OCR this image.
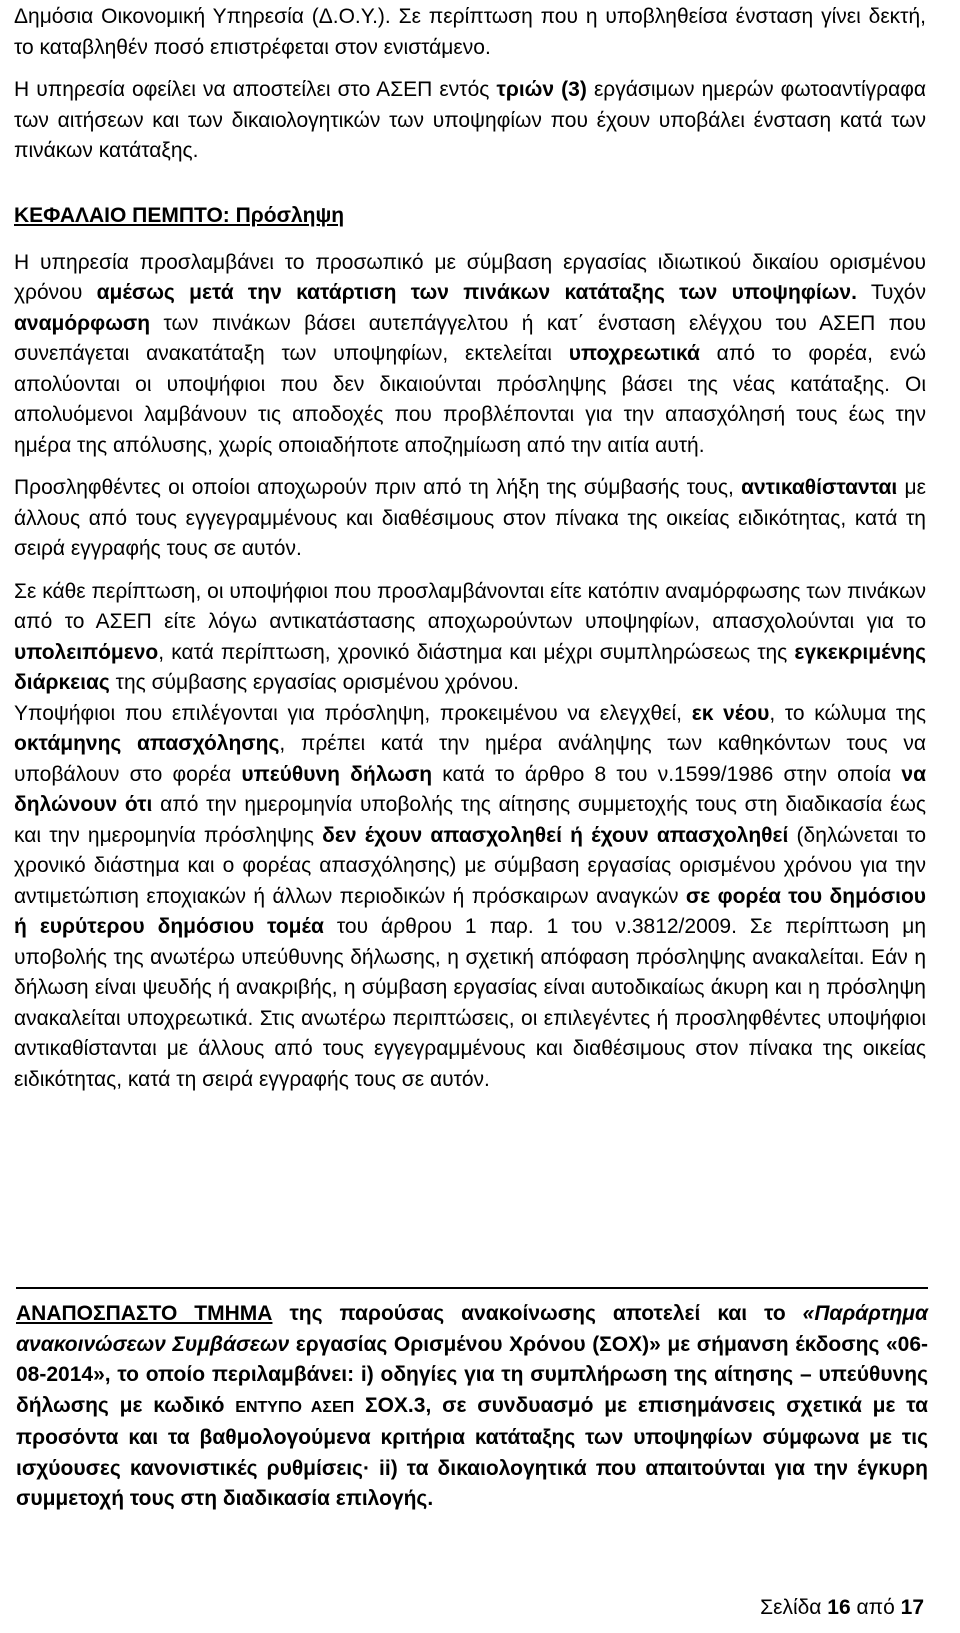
Δημόσια Οικονομική Υπηρεσία (Δ.Ο.Υ.). Σε περίπτωση που η υποβληθείσα ένσταση γίνει δεκτή, το καταβληθέν ποσό επιστρέφεται στον ενιστάμενο.

Η υπηρεσία οφείλει να αποστείλει στο ΑΣΕΠ εντός τριών (3) εργάσιμων ημερών φωτοαντίγραφα των αιτήσεων και των δικαιολογητικών των υποψηφίων που έχουν υποβάλει ένσταση κατά των πινάκων κατάταξης.

ΚΕΦΑΛΑΙΟ ΠΕΜΠΤΟ: Πρόσληψη

Η υπηρεσία προσλαμβάνει το προσωπικό με σύμβαση εργασίας ιδιωτικού δικαίου ορισμένου χρόνου αμέσως μετά την κατάρτιση των πινάκων κατάταξης των υποψηφίων. Τυχόν αναμόρφωση των πινάκων βάσει αυτεπάγγελτου ή κατ΄ ένσταση ελέγχου του ΑΣΕΠ που συνεπάγεται ανακατάταξη των υποψηφίων, εκτελείται υποχρεωτικά από το φορέα, ενώ απολύονται οι υποψήφιοι που δεν δικαιούνται πρόσληψης βάσει της νέας κατάταξης. Οι απολυόμενοι λαμβάνουν τις αποδοχές που προβλέπονται για την απασχόλησή τους έως την ημέρα της απόλυσης, χωρίς οποιαδήποτε αποζημίωση από την αιτία αυτή.

Προσληφθέντες οι οποίοι αποχωρούν πριν από τη λήξη της σύμβασής τους, αντικαθίστανται με άλλους από τους εγγεγραμμένους και διαθέσιμους στον πίνακα της οικείας ειδικότητας, κατά τη σειρά εγγραφής τους σε αυτόν.

Σε κάθε περίπτωση, οι υποψήφιοι που προσλαμβάνονται είτε κατόπιν αναμόρφωσης των πινάκων από το ΑΣΕΠ είτε λόγω αντικατάστασης αποχωρούντων υποψηφίων, απασχολούνται για το υπολειπόμενο, κατά περίπτωση, χρονικό διάστημα και μέχρι συμπληρώσεως της εγκεκριμένης διάρκειας της σύμβασης εργασίας ορισμένου χρόνου.

Υποψήφιοι που επιλέγονται για πρόσληψη, προκειμένου να ελεγχθεί, εκ νέου, το κώλυμα της οκτάμηνης απασχόλησης, πρέπει κατά την ημέρα ανάληψης των καθηκόντων τους να υποβάλουν στο φορέα υπεύθυνη δήλωση κατά το άρθρο 8 του ν.1599/1986 στην οποία να δηλώνουν ότι από την ημερομηνία υποβολής της αίτησης συμμετοχής τους στη διαδικασία έως και την ημερομηνία πρόσληψης δεν έχουν απασχοληθεί ή έχουν απασχοληθεί (δηλώνεται το χρονικό διάστημα και ο φορέας απασχόλησης) με σύμβαση εργασίας ορισμένου χρόνου για την αντιμετώπιση εποχιακών ή άλλων περιοδικών ή πρόσκαιρων αναγκών σε φορέα του δημόσιου ή ευρύτερου δημόσιου τομέα του άρθρου 1 παρ. 1 του ν.3812/2009. Σε περίπτωση μη υποβολής της ανωτέρω υπεύθυνης δήλωσης, η σχετική απόφαση πρόσληψης ανακαλείται. Εάν η δήλωση είναι ψευδής ή ανακριβής, η σύμβαση εργασίας είναι αυτοδικαίως άκυρη και η πρόσληψη ανακαλείται υποχρεωτικά. Στις ανωτέρω περιπτώσεις, οι επιλεγέντες ή προσληφθέντες υποψήφιοι αντικαθίστανται με άλλους από τους εγγεγραμμένους και διαθέσιμους στον πίνακα της οικείας ειδικότητας, κατά τη σειρά εγγραφής τους σε αυτόν.

ΑΝΑΠΟΣΠΑΣΤΟ ΤΜΗΜΑ της παρούσας ανακοίνωσης αποτελεί και το «Παράρτημα ανακοινώσεων Συμβάσεων εργασίας Ορισμένου Χρόνου (ΣΟΧ)» με σήμανση έκδοσης «06-08-2014», το οποίο περιλαμβάνει: i) οδηγίες για τη συμπλήρωση της αίτησης – υπεύθυνης δήλωσης με κωδικό ΕΝΤΥΠΟ ΑΣΕΠ ΣΟΧ.3, σε συνδυασμό με επισημάνσεις σχετικά με τα προσόντα και τα βαθμολογούμενα κριτήρια κατάταξης των υποψηφίων σύμφωνα με τις ισχύουσες κανονιστικές ρυθμίσεις· ii) τα δικαιολογητικά που απαιτούνται για την έγκυρη συμμετοχή τους στη διαδικασία επιλογής.

Σελίδα 16 από 17
